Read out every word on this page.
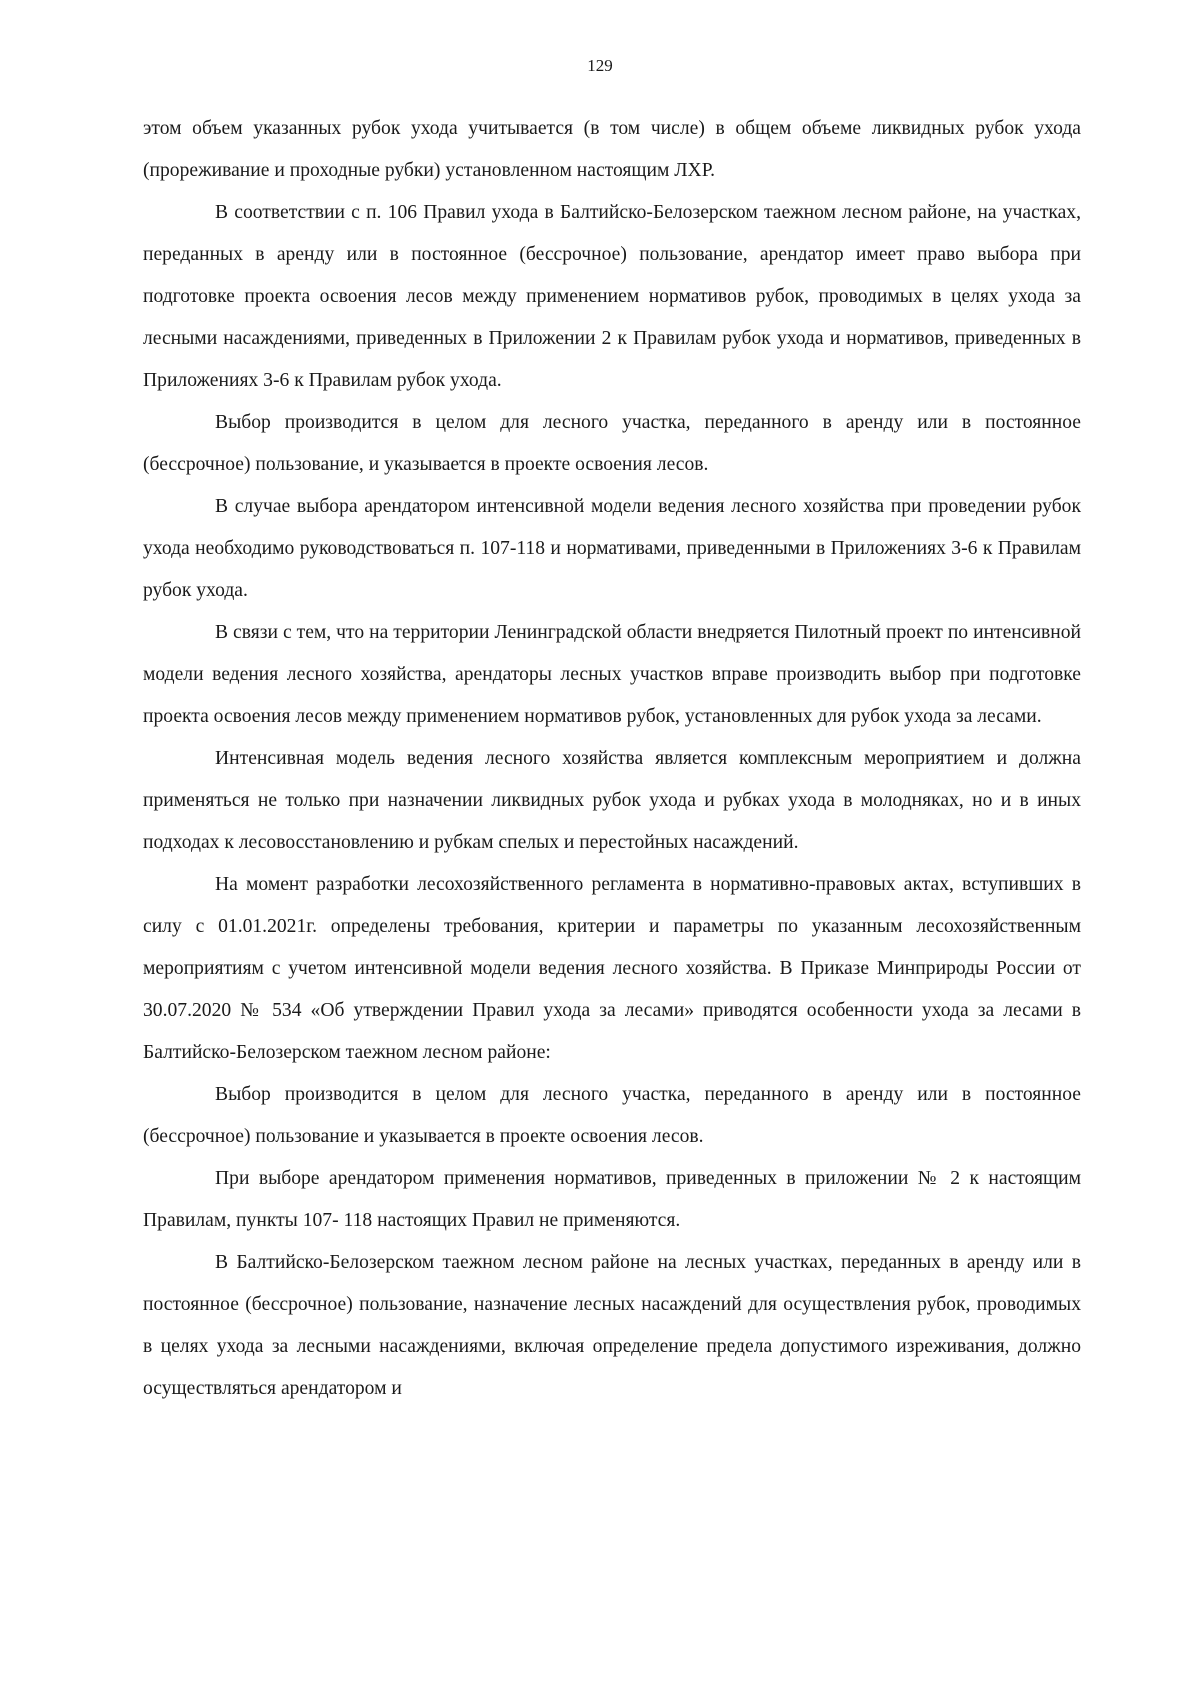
129

этом объем указанных рубок ухода учитывается (в том числе) в общем объеме ликвидных рубок ухода (прореживание и проходные рубки) установленном настоящим ЛХР.

В соответствии с п. 106 Правил ухода в Балтийско-Белозерском таежном лесном районе, на участках, переданных в аренду или в постоянное (бессрочное) пользование, арендатор имеет право выбора при подготовке проекта освоения лесов между применением нормативов рубок, проводимых в целях ухода за лесными насаждениями, приведенных в Приложении 2 к Правилам рубок ухода и нормативов, приведенных в Приложениях 3-6 к Правилам рубок ухода.

Выбор производится в целом для лесного участка, переданного в аренду или в постоянное (бессрочное) пользование, и указывается в проекте освоения лесов.

В случае выбора арендатором интенсивной модели ведения лесного хозяйства при проведении рубок ухода необходимо руководствоваться п. 107-118 и нормативами, приведенными в Приложениях 3-6 к Правилам рубок ухода.

В связи с тем, что на территории Ленинградской области внедряется Пилотный проект по интенсивной модели ведения лесного хозяйства, арендаторы лесных участков вправе производить выбор при подготовке проекта освоения лесов между применением нормативов рубок, установленных для рубок ухода за лесами.

Интенсивная модель ведения лесного хозяйства является комплексным мероприятием и должна применяться не только при назначении ликвидных рубок ухода и рубках ухода в молодняках, но и в иных подходах к лесовосстановлению и рубкам спелых и перестойных насаждений.

На момент разработки лесохозяйственного регламента в нормативно-правовых актах, вступивших в силу с 01.01.2021г. определены требования, критерии и параметры по указанным лесохозяйственным мероприятиям с учетом интенсивной модели ведения лесного хозяйства. В Приказе Минприроды России от 30.07.2020 № 534 «Об утверждении Правил ухода за лесами» приводятся особенности ухода за лесами в Балтийско-Белозерском таежном лесном районе:

Выбор производится в целом для лесного участка, переданного в аренду или в постоянное (бессрочное) пользование и указывается в проекте освоения лесов.

При выборе арендатором применения нормативов, приведенных в приложении № 2 к настоящим Правилам, пункты 107- 118 настоящих Правил не применяются.

В Балтийско-Белозерском таежном лесном районе на лесных участках, переданных в аренду или в постоянное (бессрочное) пользование, назначение лесных насаждений для осуществления рубок, проводимых в целях ухода за лесными насаждениями, включая определение предела допустимого изреживания, должно осуществляться арендатором и
